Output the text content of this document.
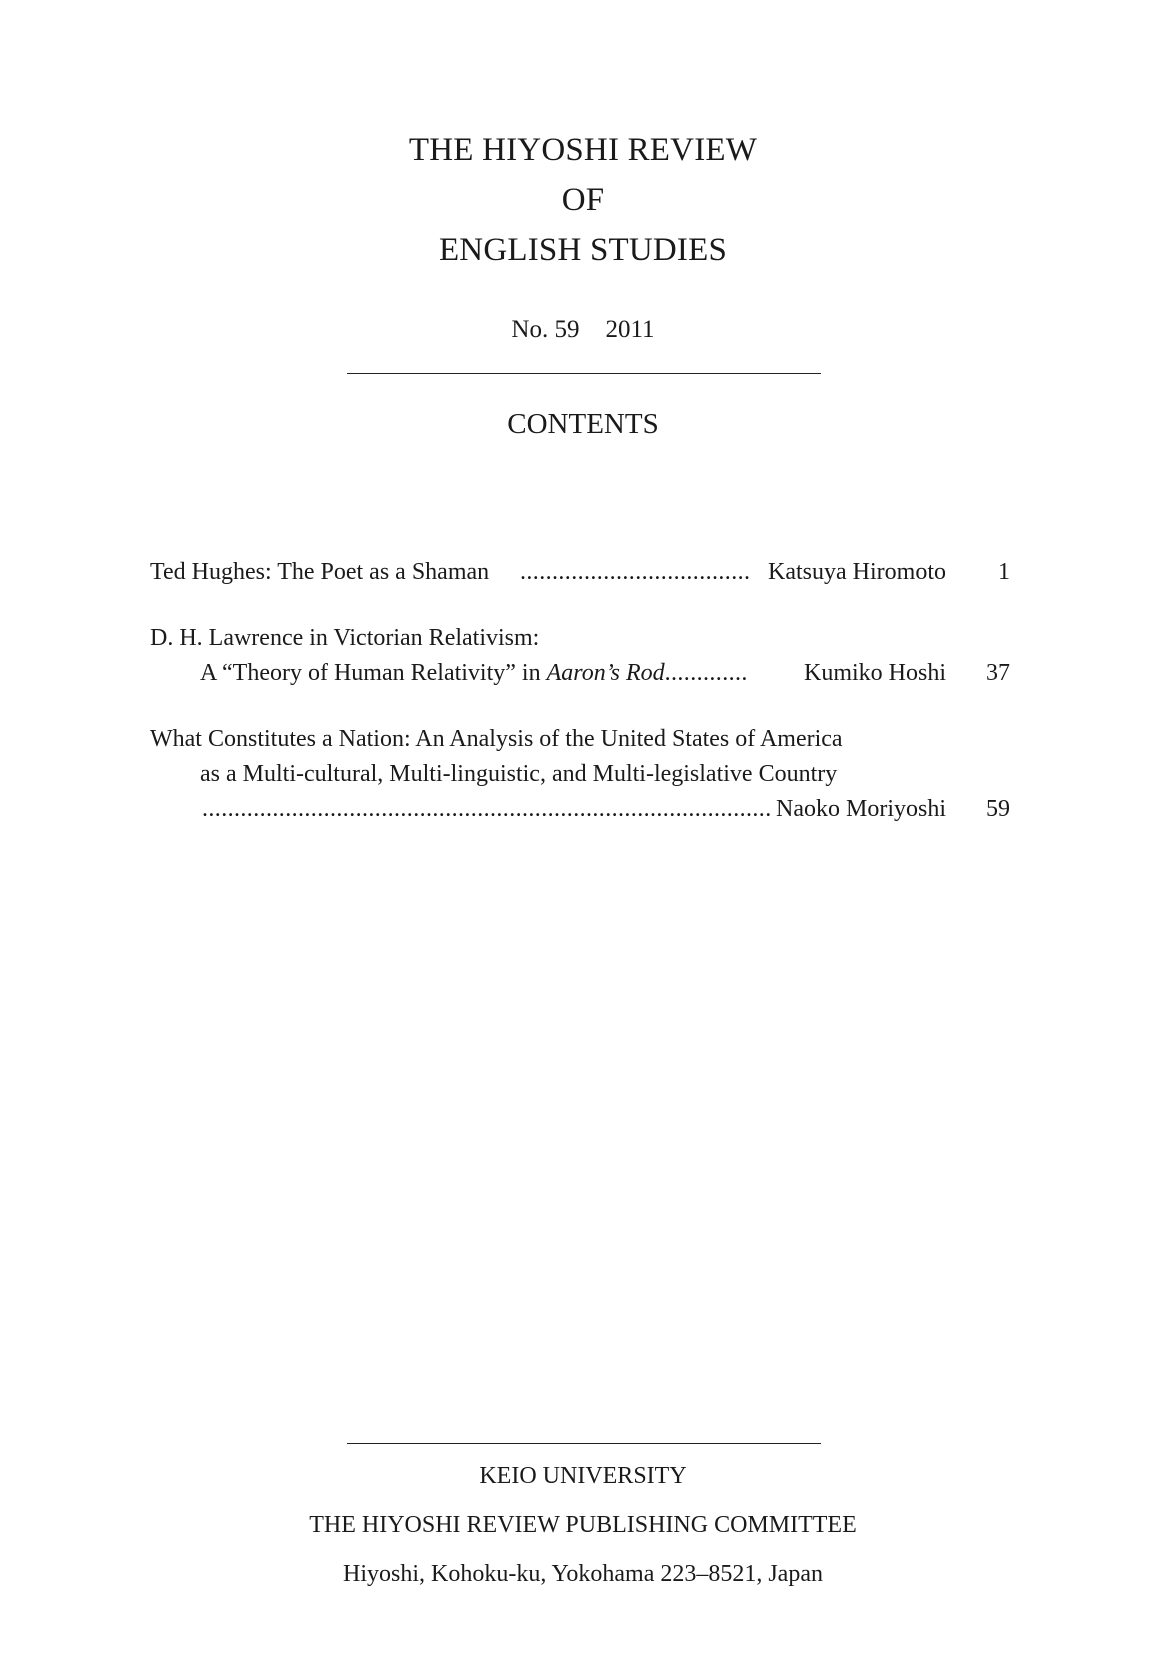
THE HIYOSHI REVIEW
OF
ENGLISH STUDIES
No. 59 2011
CONTENTS
Ted Hughes: The Poet as a Shaman .................................... Katsuya Hiromoto	1
D. H. Lawrence in Victorian Relativism:
A “Theory of Human Relativity” in Aaron’s Rod............. Kumiko Hoshi	37
What Constitutes a Nation: An Analysis of the United States of America
as a Multi-cultural, Multi-linguistic, and Multi-legislative Country
......................................................................................... Naoko Moriyoshi	59
KEIO UNIVERSITY
THE HIYOSHI REVIEW PUBLISHING COMMITTEE
Hiyoshi, Kohoku-ku, Yokohama 223–8521, Japan
